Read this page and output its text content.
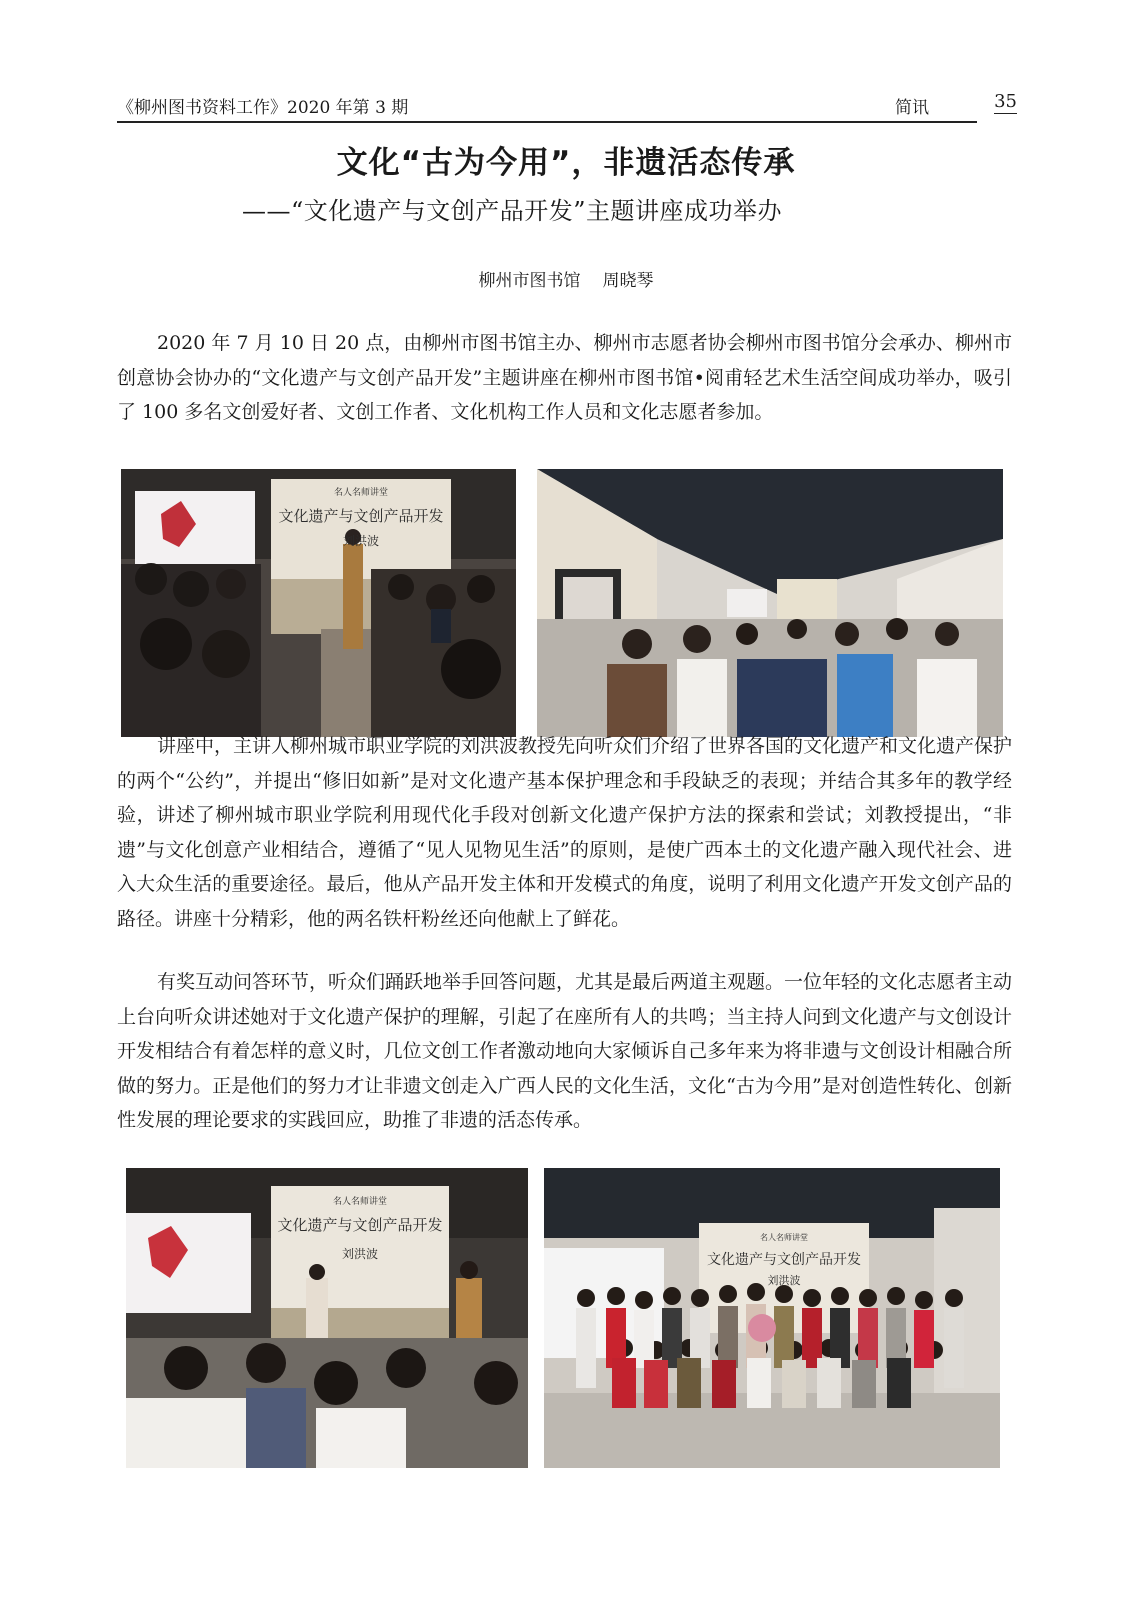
《柳州图书资料工作》2020 年第 3 期	简讯	35
文化“古为今用”，非遗活态传承
——“文化遗产与文创产品开发”主题讲座成功举办
柳州市图书馆 周晓琴

2020 年 7 月 10 日 20 点，由柳州市图书馆主办、柳州市志愿者协会柳州市图书馆分会承办、柳州市创意协会协办的“文化遗产与文创产品开发”主题讲座在柳州市图书馆•阅甫轻艺术生活空间成功举办，吸引了 100 多名文创爱好者、文创工作者、文化机构工作人员和文化志愿者参加。

名人名师讲堂
文化遗产与文创产品开发
刘洪波

讲座中，主讲人柳州城市职业学院的刘洪波教授先向听众们介绍了世界各国的文化遗产和文化遗产保护的两个“公约”，并提出“修旧如新”是对文化遗产基本保护理念和手段缺乏的表现；并结合其多年的教学经验，讲述了柳州城市职业学院利用现代化手段对创新文化遗产保护方法的探索和尝试；刘教授提出，“非遗”与文化创意产业相结合，遵循了“见人见物见生活”的原则，是使广西本土的文化遗产融入现代社会、进入大众生活的重要途径。最后，他从产品开发主体和开发模式的角度，说明了利用文化遗产开发文创产品的路径。讲座十分精彩，他的两名铁杆粉丝还向他献上了鲜花。

有奖互动问答环节，听众们踊跃地举手回答问题，尤其是最后两道主观题。一位年轻的文化志愿者主动上台向听众讲述她对于文化遗产保护的理解，引起了在座所有人的共鸣；当主持人问到文化遗产与文创设计开发相结合有着怎样的意义时，几位文创工作者激动地向大家倾诉自己多年来为将非遗与文创设计相融合所做的努力。正是他们的努力才让非遗文创走入广西人民的文化生活，文化“古为今用”是对创造性转化、创新性发展的理论要求的实践回应，助推了非遗的活态传承。

名人名师讲堂
文化遗产与文创产品开发
刘洪波
名人名师讲堂
文化遗产与文创产品开发
刘洪波
